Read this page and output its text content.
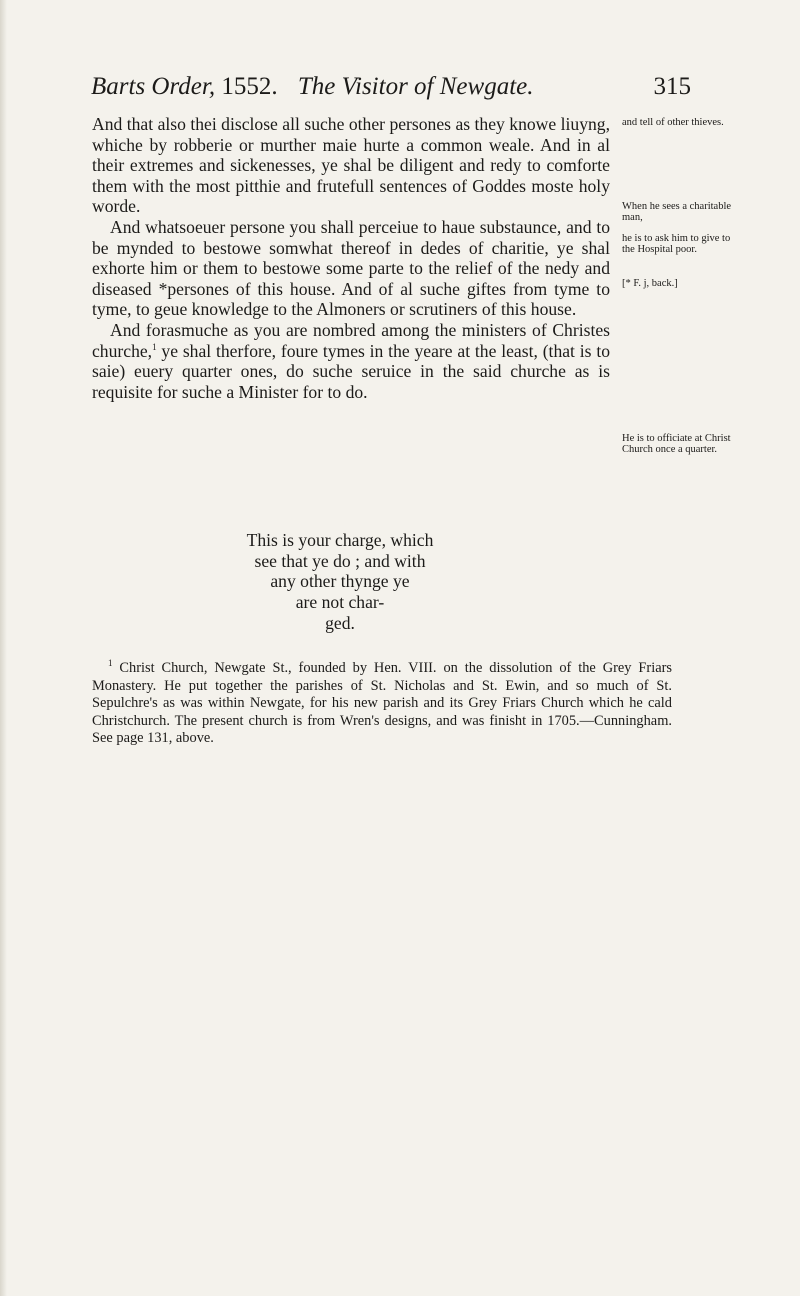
Barts Order, 1552. The Visitor of Newgate.	315

And that also thei disclose all suche other persones as they knowe liuyng, whiche by robberie or murther maie hurte a common weale. And in al their extremes and sickenesses, ye shal be diligent and redy to comforte them with the most pitthie and frutefull sentences of Goddes moste holy worde.

And whatsoeuer persone you shall perceiue to haue substaunce, and to be mynded to bestowe somwhat thereof in dedes of charitie, ye shal exhorte him or them to bestowe some parte to the relief of the nedy and diseased *persones of this house. And of al suche giftes from tyme to tyme, to geue knowledge to the Almoners or scrutiners of this house.

And forasmuche as you are nombred among the ministers of Christes churche,$^1$ ye shal therfore, foure tymes in the yeare at the least, (that is to saie) euery quarter ones, do suche seruice in the said churche as is requisite for suche a Minister for to do.

This is your charge, which
see that ye do ; and with
any other thynge ye
are not char-
ged.
and tell of other thieves.
When he sees a charitable man,
he is to ask him to give to the Hospital poor.
[* F. j, back.]
He is to officiate at Christ Church once a quarter.
$^1$ Christ Church, Newgate St., founded by Hen. VIII. on the dissolution of the Grey Friars Monastery. He put together the parishes of St. Nicholas and St. Ewin, and so much of St. Sepulchre's as was within Newgate, for his new parish and its Grey Friars Church which he cald Christchurch. The present church is from Wren's designs, and was finisht in 1705.—Cunningham. See page 131, above.
